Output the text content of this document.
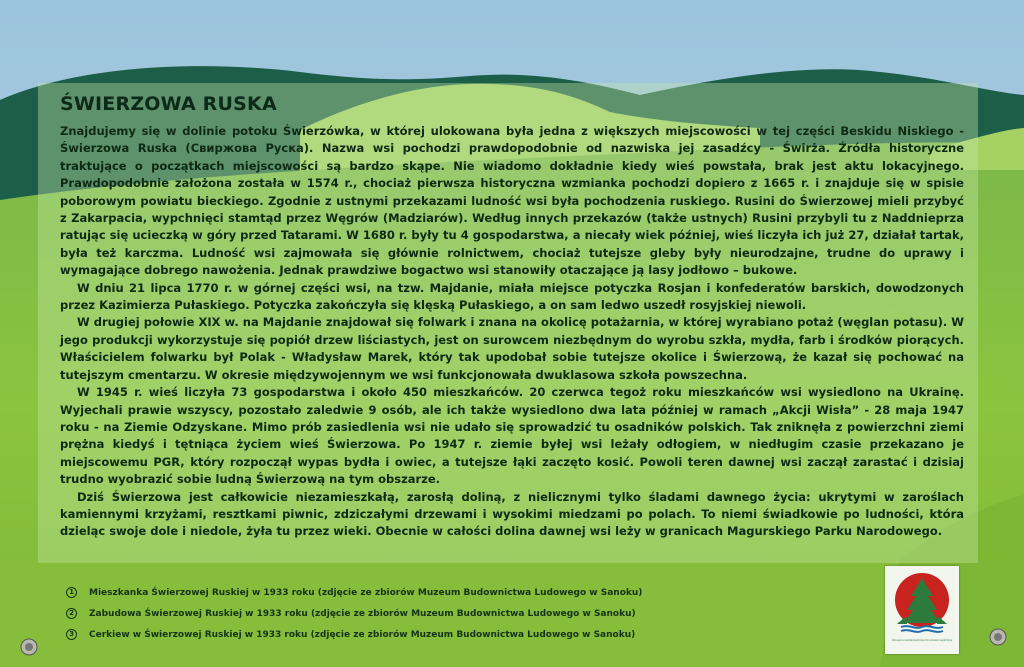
ŚWIERZOWA RUSKA

Znajdujemy się w dolinie potoku Świerzówka, w której ulokowana była jedna z większych miejscowości w tej części Beskidu Niskiego - Świerzowa Ruska (Свиржова Руска). Nazwa wsi pochodzi prawdopodobnie od nazwiska jej zasadźcy - Świrża. Źródła historyczne traktujące o początkach miejscowości są bardzo skąpe. Nie wiadomo dokładnie kiedy wieś powstała, brak jest aktu lokacyjnego. Prawdopodobnie założona została w 1574 r., chociaż pierwsza historyczna wzmianka pochodzi dopiero z 1665 r. i znajduje się w spisie poborowym powiatu bieckiego. Zgodnie z ustnymi przekazami ludność wsi była pochodzenia ruskiego. Rusini do Świerzowej mieli przybyć z Zakarpacia, wypchnięci stamtąd przez Węgrów (Madziarów). Według innych przekazów (także ustnych) Rusini przybyli tu z Naddnieprza ratując się ucieczką w góry przed Tatarami. W 1680 r. były tu 4 gospodarstwa, a niecały wiek później, wieś liczyła ich już 27, działał tartak, była też karczma. Ludność wsi zajmowała się głównie rolnictwem, chociaż tutejsze gleby były nieurodzajne, trudne do uprawy i wymagające dobrego nawożenia. Jednak prawdziwe bogactwo wsi stanowiły otaczające ją lasy jodłowo – bukowe.

W dniu 21 lipca 1770 r. w górnej części wsi, na tzw. Majdanie, miała miejsce potyczka Rosjan i konfederatów barskich, dowodzonych przez Kazimierza Pułaskiego. Potyczka zakończyła się klęską Pułaskiego, a on sam ledwo uszedł rosyjskiej niewoli.

W drugiej połowie XIX w. na Majdanie znajdował się folwark i znana na okolicę potażarnia, w której wyrabiano potaż (węglan potasu). W jego produkcji wykorzystuje się popiół drzew liściastych, jest on surowcem niezbędnym do wyrobu szkła, mydła, farb i środków piorących. Właścicielem folwarku był Polak - Władysław Marek, który tak upodobał sobie tutejsze okolice i Świerzową, że kazał się pochować na tutejszym cmentarzu. W okresie międzywojennym we wsi funkcjonowała dwuklasowa szkoła powszechna.

W 1945 r. wieś liczyła 73 gospodarstwa i około 450 mieszkańców. 20 czerwca tegoż roku mieszkańców wsi wysiedlono na Ukrainę. Wyjechali prawie wszyscy, pozostało zaledwie 9 osób, ale ich także wysiedlono dwa lata później w ramach „Akcji Wisła” - 28 maja 1947 roku - na Ziemie Odzyskane. Mimo prób zasiedlenia wsi nie udało się sprowadzić tu osadników polskich. Tak zniknęła z powierzchni ziemi prężna kiedyś i tętniąca życiem wieś Świerzowa. Po 1947 r. ziemie byłej wsi leżały odłogiem, w niedługim czasie przekazano je miejscowemu PGR, który rozpoczął wypas bydła i owiec, a tutejsze łąki zaczęto kosić. Powoli teren dawnej wsi zaczął zarastać i dzisiaj trudno wyobrazić sobie ludną Świerzową na tym obszarze.

Dziś Świerzowa jest całkowicie niezamieszkałą, zarosłą doliną, z nielicznymi tylko śladami dawnego życia: ukrytymi w zaroślach kamiennymi krzyżami, resztkami piwnic, zdziczałymi drzewami i wysokimi miedzami po polach. To niemi świadkowie po ludności, która dzieląc swoje dole i niedole, żyła tu przez wieki. Obecnie w całości dolina dawnej wsi leży w granicach Magurskiego Parku Narodowego.

1	Mieszkanka Świerzowej Ruskiej w 1933 roku (zdjęcie ze zbiorów Muzeum Budownictwa Ludowego w Sanoku)
2	Zabudowa Świerzowej Ruskiej w 1933 roku (zdjęcie ze zbiorów Muzeum Budownictwa Ludowego w Sanoku)
3	Cerkiew w Świerzowej Ruskiej w 1933 roku (zdjęcie ze zbiorów Muzeum Budownictwa Ludowego w Sanoku)
Dofinansowano ze środków Narodowego Funduszu Ochrony Środowiska i Gospodarki Wodnej
